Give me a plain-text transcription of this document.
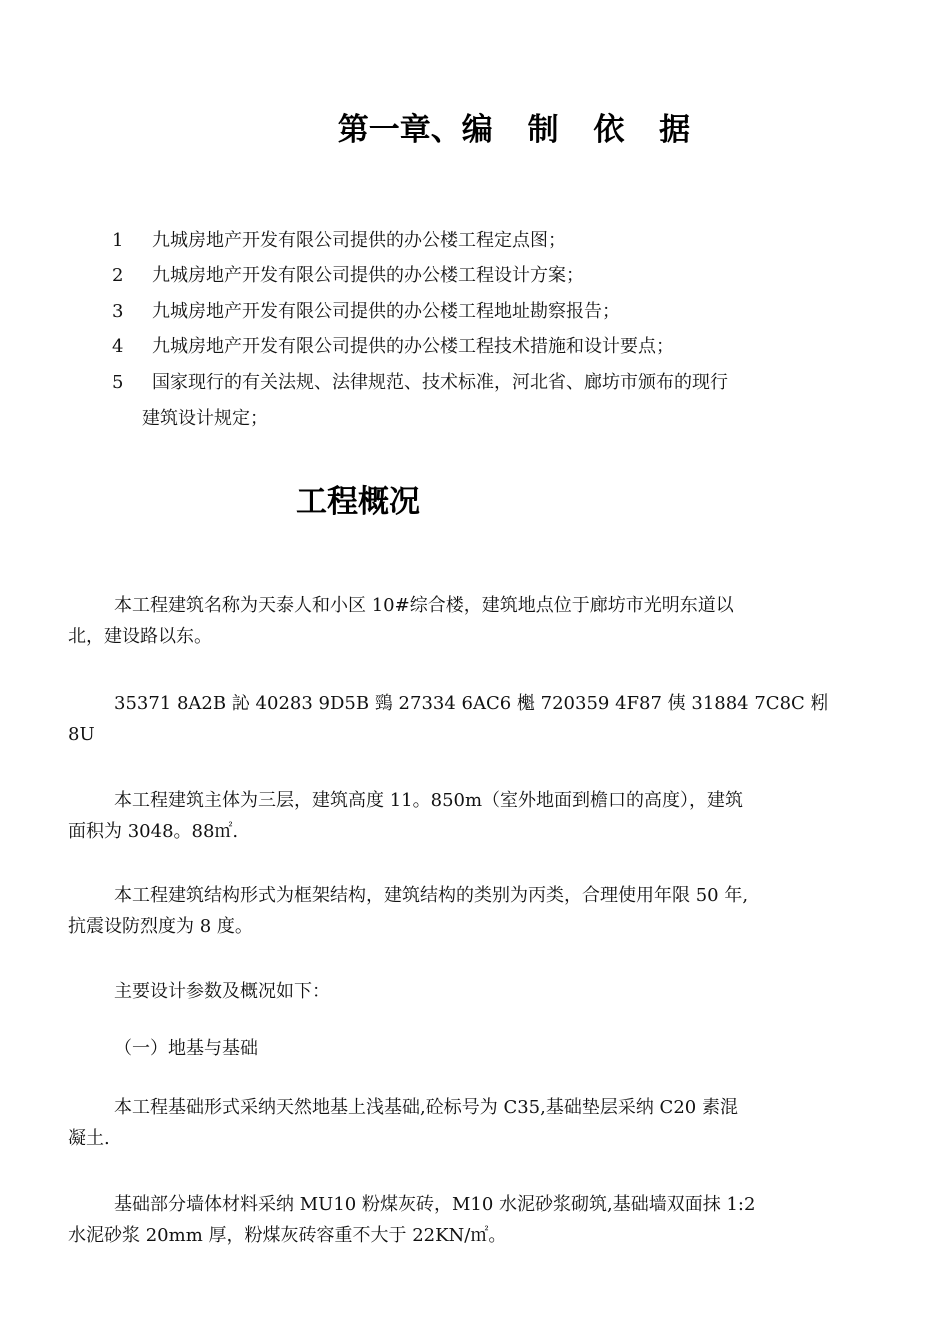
第一章、编 制 依 据
1 九城房地产开发有限公司提供的办公楼工程定点图；
2 九城房地产开发有限公司提供的办公楼工程设计方案；
3 九城房地产开发有限公司提供的办公楼工程地址勘察报告；
4 九城房地产开发有限公司提供的办公楼工程技术措施和设计要点；
5 国家现行的有关法规、法律规范、技术标准，河北省、廊坊市颁布的现行
建筑设计规定；
工程概况
本工程建筑名称为天泰人和小区 10#综合楼，建筑地点位于廊坊市光明东道以
北，建设路以东。
35371 8A2B 訫 40283 9D5B 鵛 27334 6AC6 櫆 720359 4F87 侇 31884 7C8C 粌
8U
本工程建筑主体为三层，建筑高度 11。850m（室外地面到檐口的高度），建筑
面积为 3048。88㎡.
本工程建筑结构形式为框架结构，建筑结构的类别为丙类，合理使用年限 50 年,
抗震设防烈度为 8 度。
主要设计参数及概况如下：
（一）地基与基础
本工程基础形式采纳天然地基上浅基础,砼标号为 C35,基础垫层采纳 C20 素混
凝土.
基础部分墙体材料采纳 MU10 粉煤灰砖，M10 水泥砂浆砌筑,基础墙双面抹 1:2
水泥砂浆 20mm 厚，粉煤灰砖容重不大于 22KN/㎡。
